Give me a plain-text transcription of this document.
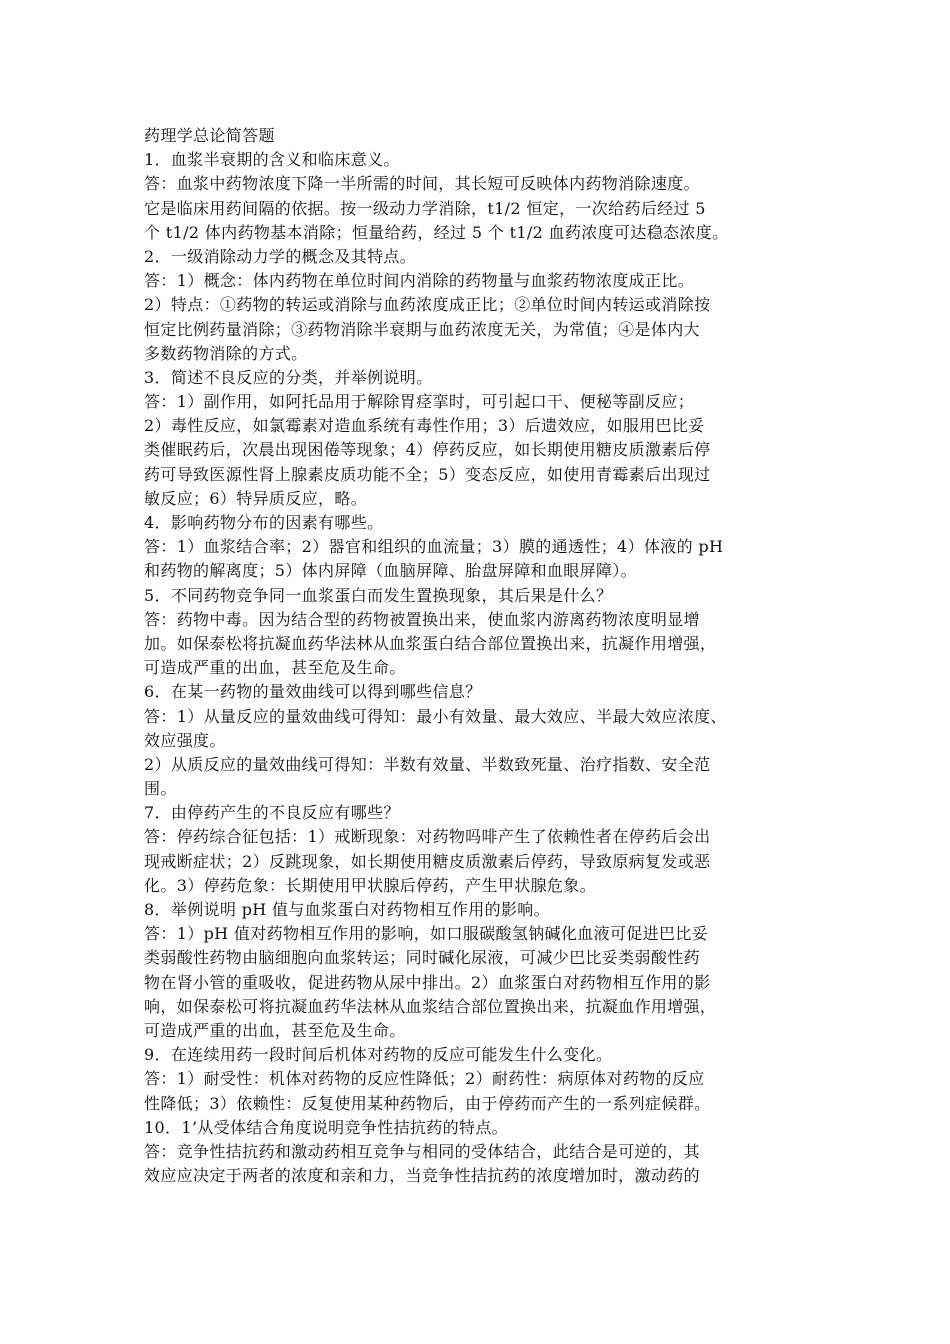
药理学总论简答题
1．血浆半衰期的含义和临床意义。
答：血浆中药物浓度下降一半所需的时间，其长短可反映体内药物消除速度。
它是临床用药间隔的依据。按一级动力学消除，t1/2 恒定，一次给药后经过 5
个 t1/2 体内药物基本消除；恒量给药，经过 5 个 t1/2 血药浓度可达稳态浓度。
2．一级消除动力学的概念及其特点。
答：1）概念：体内药物在单位时间内消除的药物量与血浆药物浓度成正比。
2）特点：①药物的转运或消除与血药浓度成正比；②单位时间内转运或消除按
恒定比例药量消除；③药物消除半衰期与血药浓度无关，为常值；④是体内大
多数药物消除的方式。
3．简述不良反应的分类，并举例说明。
答：1）副作用，如阿托品用于解除胃痉挛时，可引起口干、便秘等副反应；
2）毒性反应，如氯霉素对造血系统有毒性作用；3）后遗效应，如服用巴比妥
类催眠药后，次晨出现困倦等现象；4）停药反应，如长期使用糖皮质激素后停
药可导致医源性肾上腺素皮质功能不全；5）变态反应，如使用青霉素后出现过
敏反应；6）特异质反应，略。
4．影响药物分布的因素有哪些。
答：1）血浆结合率；2）器官和组织的血流量；3）膜的通透性；4）体液的 pH
和药物的解离度；5）体内屏障（血脑屏障、胎盘屏障和血眼屏障）。
5．不同药物竞争同一血浆蛋白而发生置换现象，其后果是什么？
答：药物中毒。因为结合型的药物被置换出来，使血浆内游离药物浓度明显增
加。如保泰松将抗凝血药华法林从血浆蛋白结合部位置换出来，抗凝作用增强，
可造成严重的出血，甚至危及生命。
6．在某一药物的量效曲线可以得到哪些信息？
答：1）从量反应的量效曲线可得知：最小有效量、最大效应、半最大效应浓度、
效应强度。
2）从质反应的量效曲线可得知：半数有效量、半数致死量、治疗指数、安全范
围。
7．由停药产生的不良反应有哪些？
答：停药综合征包括：1）戒断现象：对药物吗啡产生了依赖性者在停药后会出
现戒断症状；2）反跳现象，如长期使用糖皮质激素后停药，导致原病复发或恶
化。3）停药危象：长期使用甲状腺后停药，产生甲状腺危象。
8．举例说明 pH 值与血浆蛋白对药物相互作用的影响。
答：1）pH 值对药物相互作用的影响，如口服碳酸氢钠碱化血液可促进巴比妥
类弱酸性药物由脑细胞向血浆转运；同时碱化尿液，可减少巴比妥类弱酸性药
物在肾小管的重吸收，促进药物从尿中排出。2）血浆蛋白对药物相互作用的影
响，如保泰松可将抗凝血药华法林从血浆结合部位置换出来，抗凝血作用增强，
可造成严重的出血，甚至危及生命。
9．在连续用药一段时间后机体对药物的反应可能发生什么变化。
答：1）耐受性：机体对药物的反应性降低；2）耐药性：病原体对药物的反应
性降低；3）依赖性：反复使用某种药物后，由于停药而产生的一系列症候群。
10．1’从受体结合角度说明竞争性拮抗药的特点。
答：竞争性拮抗药和激动药相互竞争与相同的受体结合，此结合是可逆的，其
效应应决定于两者的浓度和亲和力，当竞争性拮抗药的浓度增加时，激动药的
